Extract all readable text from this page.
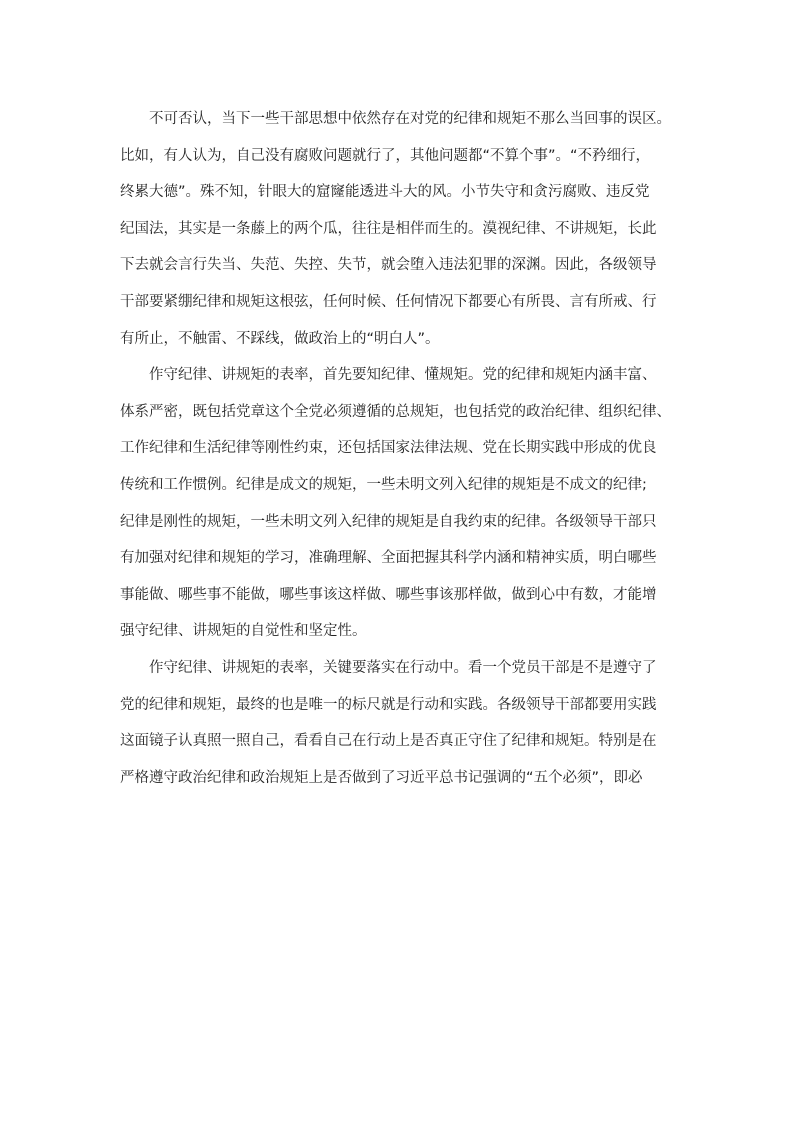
不可否认，当下一些干部思想中依然存在对党的纪律和规矩不那么当回事的误区。

比如，有人认为，自己没有腐败问题就行了，其他问题都“不算个事”。“不矜细行，

终累大德”。殊不知，针眼大的窟窿能透进斗大的风。小节失守和贪污腐败、违反党

纪国法，其实是一条藤上的两个瓜，往往是相伴而生的。漠视纪律、不讲规矩，长此

下去就会言行失当、失范、失控、失节，就会堕入违法犯罪的深渊。因此，各级领导

干部要紧绷纪律和规矩这根弦，任何时候、任何情况下都要心有所畏、言有所戒、行

有所止，不触雷、不踩线，做政治上的“明白人”。

作守纪律、讲规矩的表率，首先要知纪律、懂规矩。党的纪律和规矩内涵丰富、

体系严密，既包括党章这个全党必须遵循的总规矩，也包括党的政治纪律、组织纪律、

工作纪律和生活纪律等刚性约束，还包括国家法律法规、党在长期实践中形成的优良

传统和工作惯例。纪律是成文的规矩，一些未明文列入纪律的规矩是不成文的纪律;

纪律是刚性的规矩，一些未明文列入纪律的规矩是自我约束的纪律。各级领导干部只

有加强对纪律和规矩的学习，准确理解、全面把握其科学内涵和精神实质，明白哪些

事能做、哪些事不能做，哪些事该这样做、哪些事该那样做，做到心中有数，才能增

强守纪律、讲规矩的自觉性和坚定性。

作守纪律、讲规矩的表率，关键要落实在行动中。看一个党员干部是不是遵守了

党的纪律和规矩，最终的也是唯一的标尺就是行动和实践。各级领导干部都要用实践

这面镜子认真照一照自己，看看自己在行动上是否真正守住了纪律和规矩。特别是在

严格遵守政治纪律和政治规矩上是否做到了习近平总书记强调的“五个必须”，即必
